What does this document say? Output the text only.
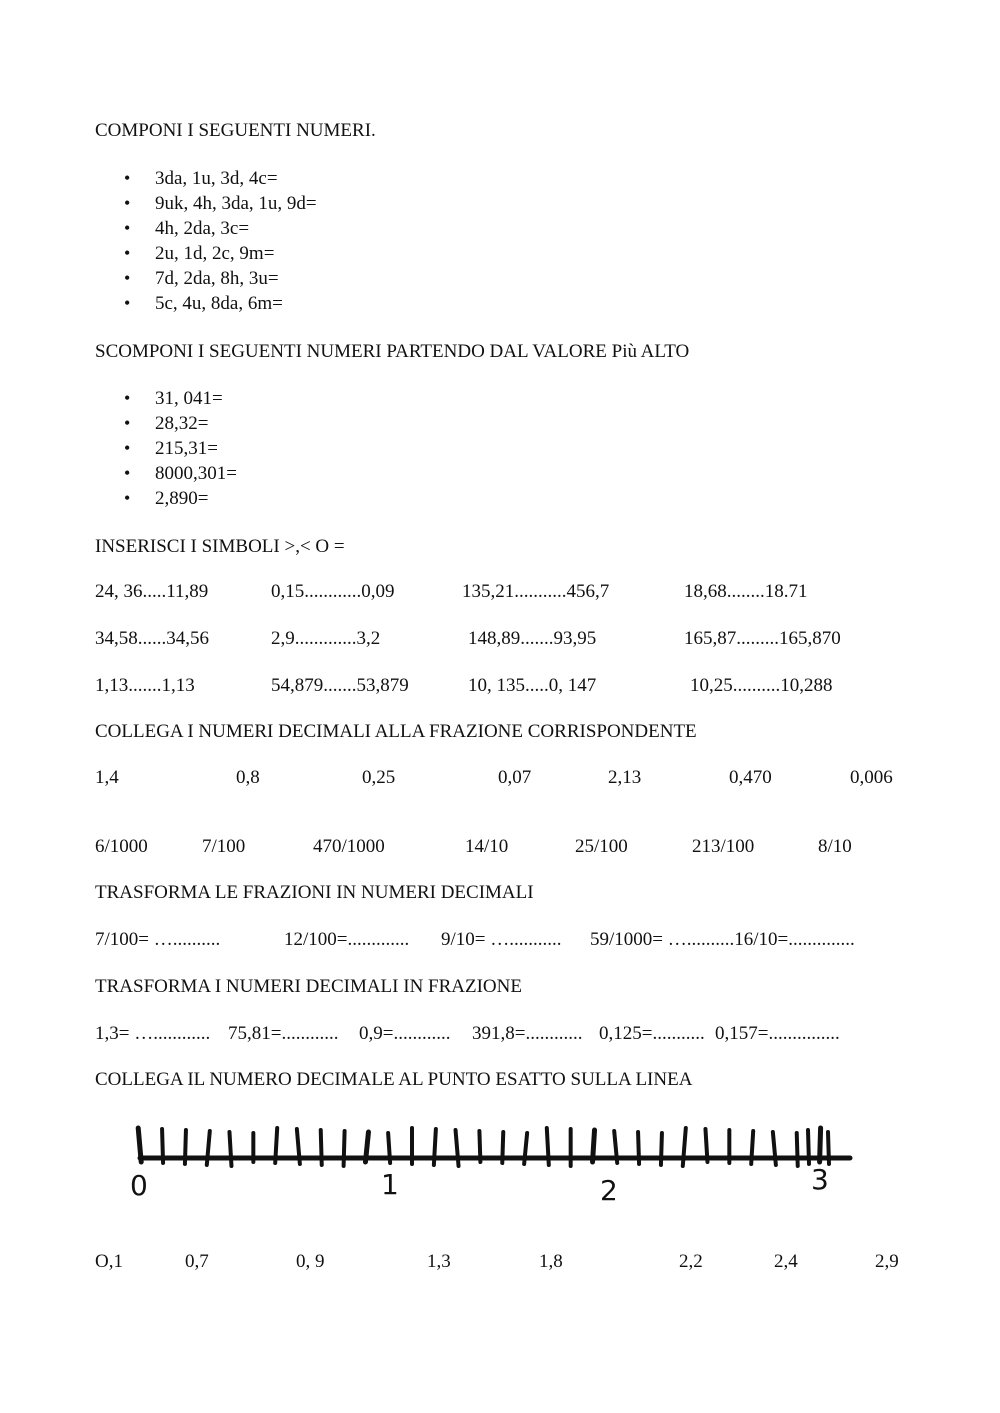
COMPONI I SEGUENTI NUMERI.
• 3da, 1u, 3d, 4c=
• 9uk, 4h, 3da, 1u, 9d=
• 4h, 2da, 3c=
• 2u, 1d, 2c, 9m=
• 7d, 2da, 8h, 3u=
• 5c, 4u, 8da, 6m=
SCOMPONI I SEGUENTI NUMERI PARTENDO DAL VALORE Più ALTO
• 31, 041=
• 28,32=
• 215,31=
• 8000,301=
• 2,890=
INSERISCI I SIMBOLI >,< O =
24, 36.....11,89	0,15............0,09	135,21...........456,7	18,68........18.71
34,58......34,56	2,9.............3,2	148,89.......93,95	165,87.........165,870
1,13.......1,13	54,879.......53,879	10, 135.....0, 147	10,25..........10,288
COLLEGA I NUMERI DECIMALI ALLA FRAZIONE CORRISPONDENTE
1,4	0,8	0,25	0,07	2,13	0,470	0,006
6/1000	7/100	470/1000	14/10	25/100	213/100	8/10
TRASFORMA LE FRAZIONI IN NUMERI DECIMALI
7/100= …..........	12/100=............. 9/10= …........... 59/1000= …..........16/10=..............
TRASFORMA I NUMERI DECIMALI IN FRAZIONE
1,3= …............ 75,81=............ 0,9=............ 391,8=............ 0,125=........... 0,157=...............
COLLEGA IL NUMERO DECIMALE AL PUNTO ESATTO SULLA LINEA
0	1	2	3
O,1	0,7	0, 9	1,3	1,8	2,2	2,4	2,9
